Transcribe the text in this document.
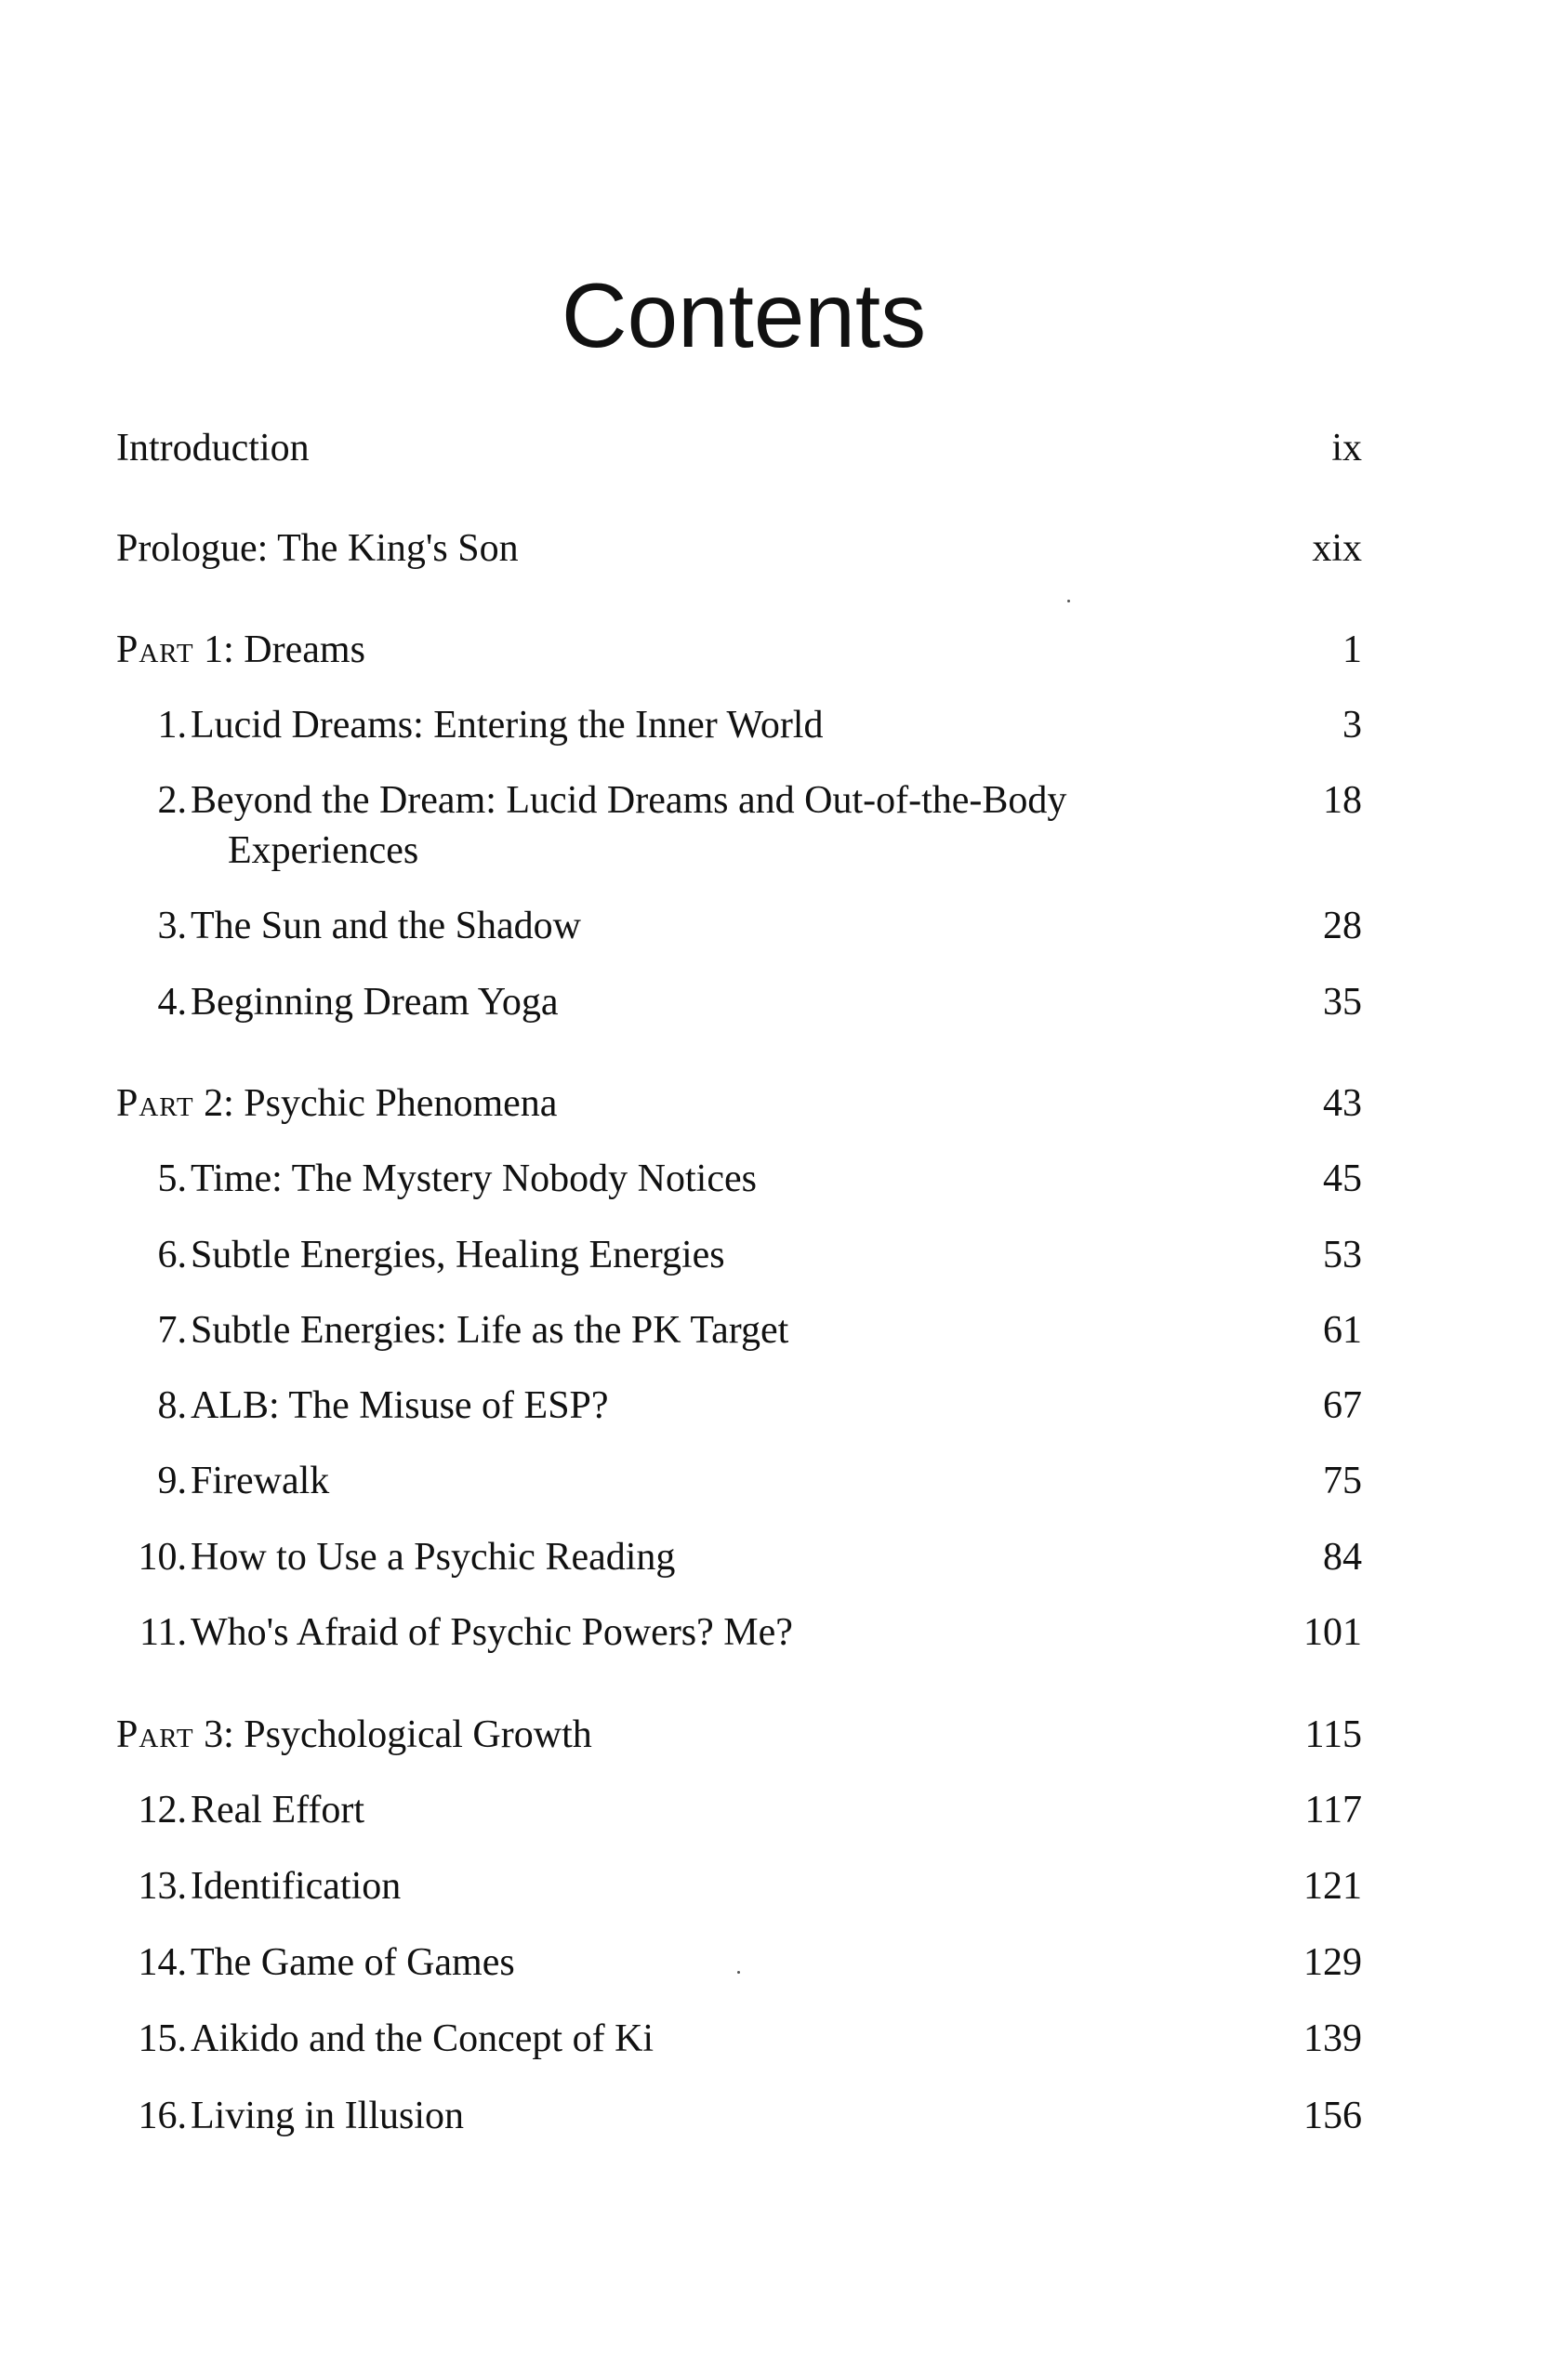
Contents
Introduction	ix
Prologue: The King's Son	xix
Part 1: Dreams	1
1.Lucid Dreams: Entering the Inner World	3
2.Beyond the Dream: Lucid Dreams and Out-of-the-Body	18
Experiences
3.The Sun and the Shadow	28
4.Beginning Dream Yoga	35
Part 2: Psychic Phenomena	43
5.Time: The Mystery Nobody Notices	45
6.Subtle Energies, Healing Energies	53
7.Subtle Energies: Life as the PK Target	61
8.ALB: The Misuse of ESP?	67
9.Firewalk	75
10.How to Use a Psychic Reading	84
11.Who's Afraid of Psychic Powers? Me?	101
Part 3: Psychological Growth	115
12.Real Effort	117
13.Identification	121
14.The Game of Games	129
15.Aikido and the Concept of Ki	139
16.Living in Illusion	156
